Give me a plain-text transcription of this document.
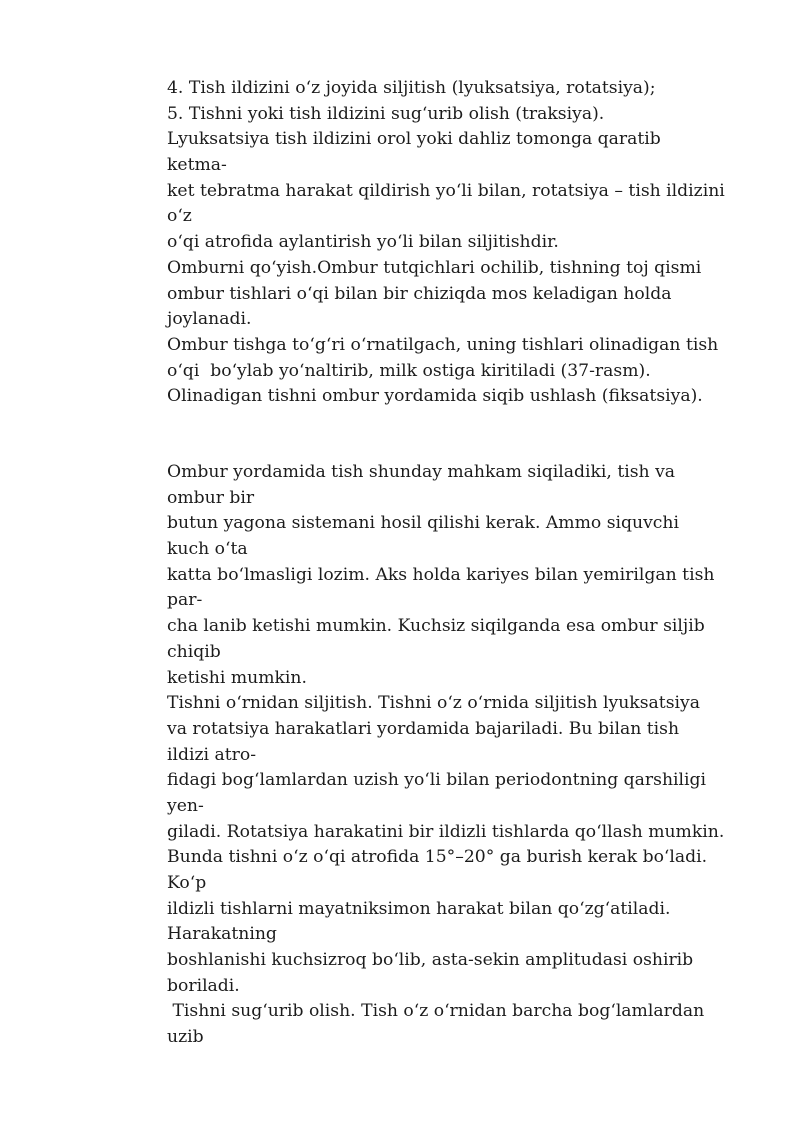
4. Tish ildizini o‘z joyida siljitish (lyuksatsiya, rotatsiya);
5. Tishni yoki tish ildizini sug‘urib olish (traksiya).
Lyuksatsiya tish ildizini orol yoki dahliz tomonga qaratib
ketma-
ket tebratma harakat qildirish yo‘li bilan, rotatsiya – tish ildizini
o‘z
o‘qi atrofida aylantirish yo‘li bilan siljitishdir.
Omburni qo‘yish.Ombur tutqichlari ochilib, tishning toj qismi
ombur tishlari o‘qi bilan bir chiziqda mos keladigan holda
joylanadi.
Ombur tishga to‘g‘ri o‘rnatilgach, uning tishlari olinadigan tish
o‘qi  bo‘ylab yo‘naltirib, milk ostiga kiritiladi (37-rasm).
Olinadigan tishni ombur yordamida siqib ushlash (fiksatsiya).
Ombur yordamida tish shunday mahkam siqiladiki, tish va
ombur bir
butun yagona sistemani hosil qilishi kerak. Ammo siquvchi
kuch o‘ta
katta bo‘lmasligi lozim. Aks holda kariyes bilan yemirilgan tish
par-
cha lanib ketishi mumkin. Kuchsiz siqilganda esa ombur siljib
chiqib
ketishi mumkin.
Tishni o‘rnidan siljitish. Tishni o‘z o‘rnida siljitish lyuksatsiya
va rotatsiya harakatlari yordamida bajariladi. Bu bilan tish
ildizi atro-
fidagi bog‘lamlardan uzish yo‘li bilan periodontning qarshiligi
yen-
giladi. Rotatsiya harakatini bir ildizli tishlarda qo‘llash mumkin.
Bunda tishni o‘z o‘qi atrofida 15°–20° ga burish kerak bo‘ladi.
Ko‘p
ildizli tishlarni mayatniksimon harakat bilan qo‘zg‘atiladi.
Harakatning
boshlanishi kuchsizroq bo‘lib, asta-sekin amplitudasi oshirib
boriladi.
Tishni sug‘urib olish. Tish o‘z o‘rnidan barcha bog‘lamlardan
uzib
